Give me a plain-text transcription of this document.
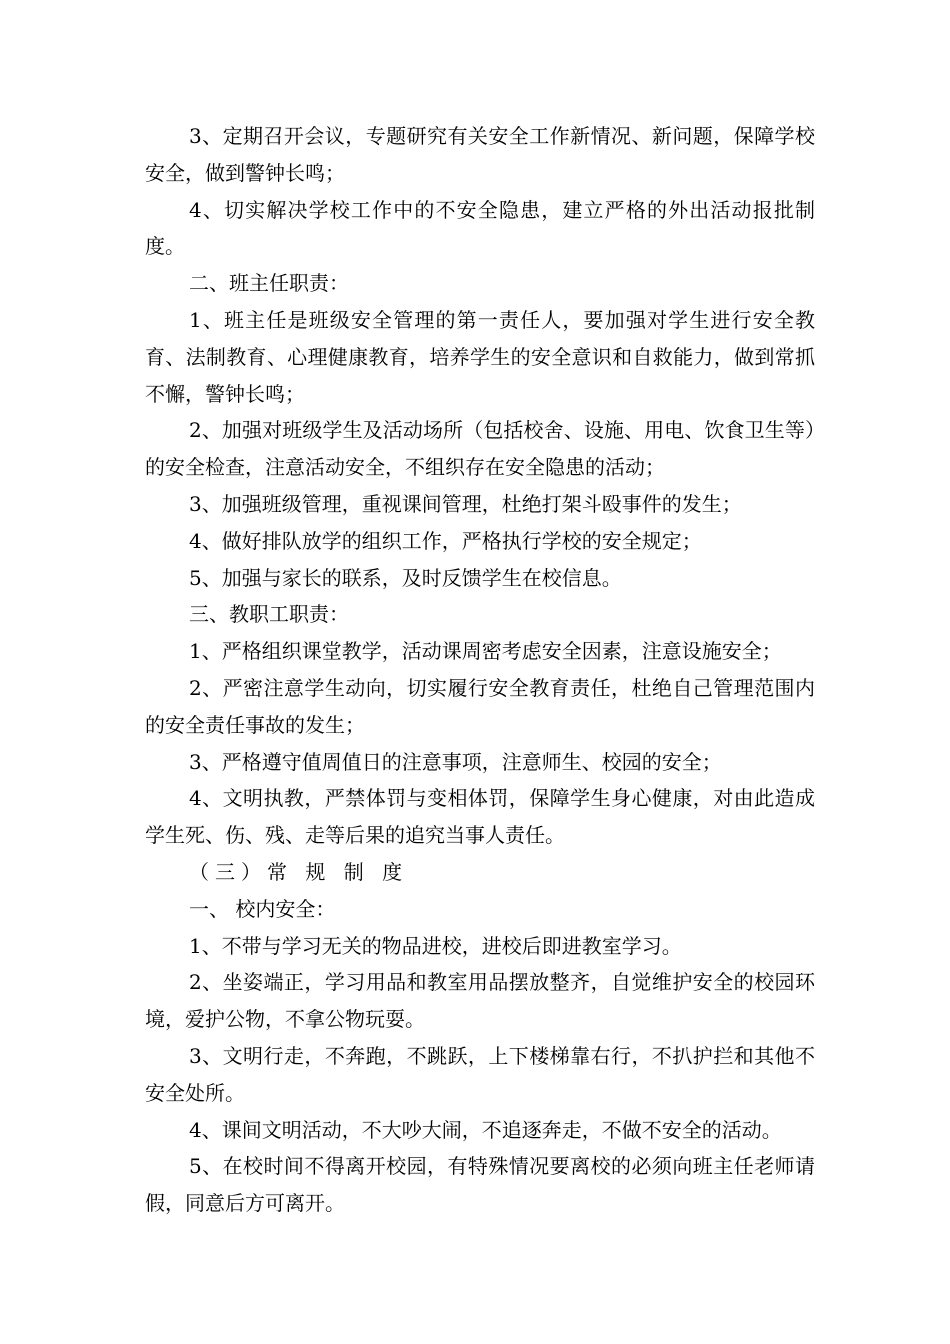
3、定期召开会议，专题研究有关安全工作新情况、新问题，保障学校安全，做到警钟长鸣；

4、切实解决学校工作中的不安全隐患，建立严格的外出活动报批制度。

二、班主任职责：

1、班主任是班级安全管理的第一责任人，要加强对学生进行安全教育、法制教育、心理健康教育，培养学生的安全意识和自救能力，做到常抓不懈，警钟长鸣；

2、加强对班级学生及活动场所（包括校舍、设施、用电、饮食卫生等）的安全检查，注意活动安全，不组织存在安全隐患的活动；

3、加强班级管理，重视课间管理，杜绝打架斗殴事件的发生；

4、做好排队放学的组织工作，严格执行学校的安全规定；

5、加强与家长的联系，及时反馈学生在校信息。

三、教职工职责：

1、严格组织课堂教学，活动课周密考虑安全因素，注意设施安全；

2、严密注意学生动向，切实履行安全教育责任，杜绝自己管理范围内的安全责任事故的发生；

3、严格遵守值周值日的注意事项，注意师生、校园的安全；

4、文明执教，严禁体罚与变相体罚，保障学生身心健康，对由此造成学生死、伤、残、走等后果的追究当事人责任。

（三）常 规 制 度

一、 校内安全：

1、不带与学习无关的物品进校，进校后即进教室学习。

2、坐姿端正，学习用品和教室用品摆放整齐，自觉维护安全的校园环境，爱护公物，不拿公物玩耍。

3、文明行走，不奔跑，不跳跃，上下楼梯靠右行，不扒护拦和其他不安全处所。

4、课间文明活动，不大吵大闹，不追逐奔走，不做不安全的活动。

5、在校时间不得离开校园，有特殊情况要离校的必须向班主任老师请假，同意后方可离开。
